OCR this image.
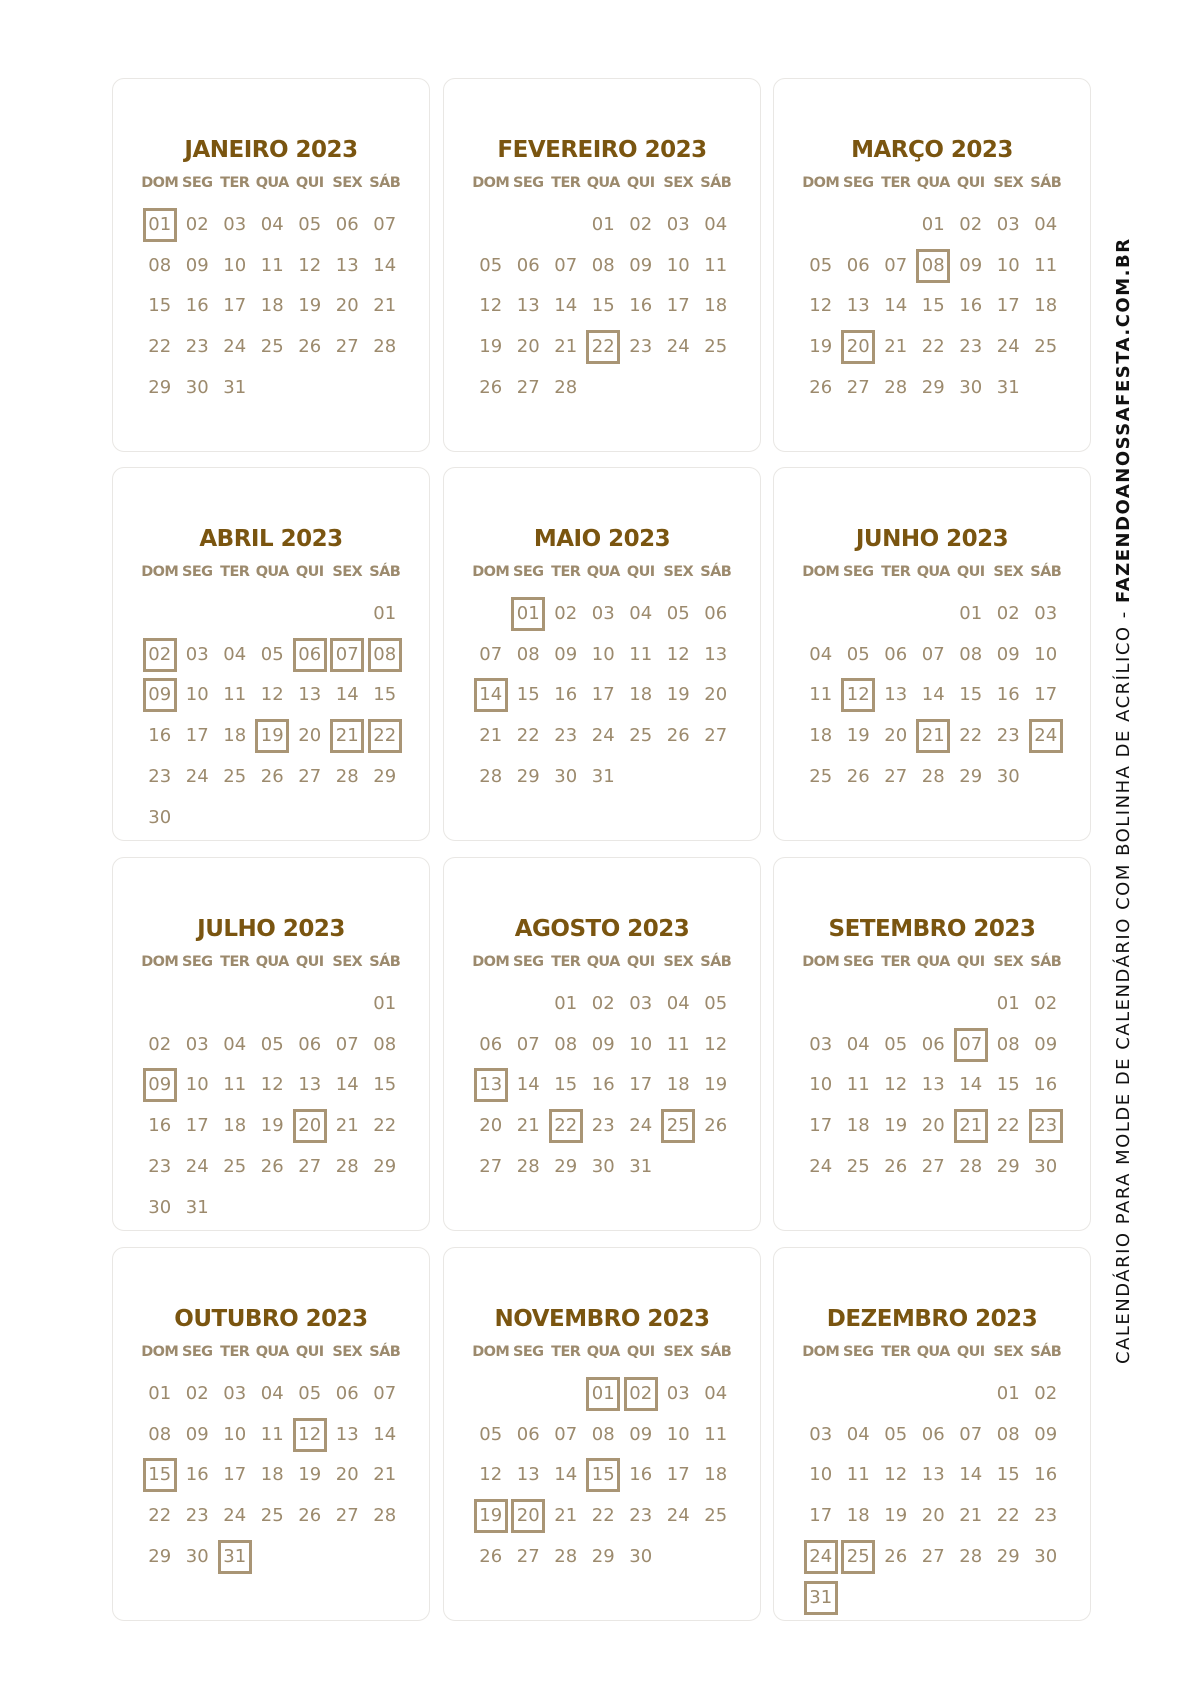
JANEIRO 2023
DOM SEG TER QUA QUI SEX SÁB
01 02 03 04 05 06 07
08 09 10 11 12 13 14
15 16 17 18 19 20 21
22 23 24 25 26 27 28
29 30 31
FEVEREIRO 2023
DOM SEG TER QUA QUI SEX SÁB
01 02 03 04
05 06 07 08 09 10 11
12 13 14 15 16 17 18
19 20 21 22 23 24 25
26 27 28
MARÇO 2023
DOM SEG TER QUA QUI SEX SÁB
01 02 03 04
05 06 07 08 09 10 11
12 13 14 15 16 17 18
19 20 21 22 23 24 25
26 27 28 29 30 31
ABRIL 2023
DOM SEG TER QUA QUI SEX SÁB
01
02 03 04 05 06 07 08
09 10 11 12 13 14 15
16 17 18 19 20 21 22
23 24 25 26 27 28 29
30
MAIO 2023
DOM SEG TER QUA QUI SEX SÁB
01 02 03 04 05 06
07 08 09 10 11 12 13
14 15 16 17 18 19 20
21 22 23 24 25 26 27
28 29 30 31
JUNHO 2023
DOM SEG TER QUA QUI SEX SÁB
01 02 03
04 05 06 07 08 09 10
11 12 13 14 15 16 17
18 19 20 21 22 23 24
25 26 27 28 29 30
JULHO 2023
DOM SEG TER QUA QUI SEX SÁB
01
02 03 04 05 06 07 08
09 10 11 12 13 14 15
16 17 18 19 20 21 22
23 24 25 26 27 28 29
30 31
AGOSTO 2023
DOM SEG TER QUA QUI SEX SÁB
01 02 03 04 05
06 07 08 09 10 11 12
13 14 15 16 17 18 19
20 21 22 23 24 25 26
27 28 29 30 31
SETEMBRO 2023
DOM SEG TER QUA QUI SEX SÁB
01 02
03 04 05 06 07 08 09
10 11 12 13 14 15 16
17 18 19 20 21 22 23
24 25 26 27 28 29 30
OUTUBRO 2023
DOM SEG TER QUA QUI SEX SÁB
01 02 03 04 05 06 07
08 09 10 11 12 13 14
15 16 17 18 19 20 21
22 23 24 25 26 27 28
29 30 31
NOVEMBRO 2023
DOM SEG TER QUA QUI SEX SÁB
01 02 03 04
05 06 07 08 09 10 11
12 13 14 15 16 17 18
19 20 21 22 23 24 25
26 27 28 29 30
DEZEMBRO 2023
DOM SEG TER QUA QUI SEX SÁB
01 02
03 04 05 06 07 08 09
10 11 12 13 14 15 16
17 18 19 20 21 22 23
24 25 26 27 28 29 30
31
CALENDÁRIO PARA MOLDE DE CALENDÁRIO COM BOLINHA DE ACRÍLICO - FAZENDOANOSSAFESTA.COM.BR
